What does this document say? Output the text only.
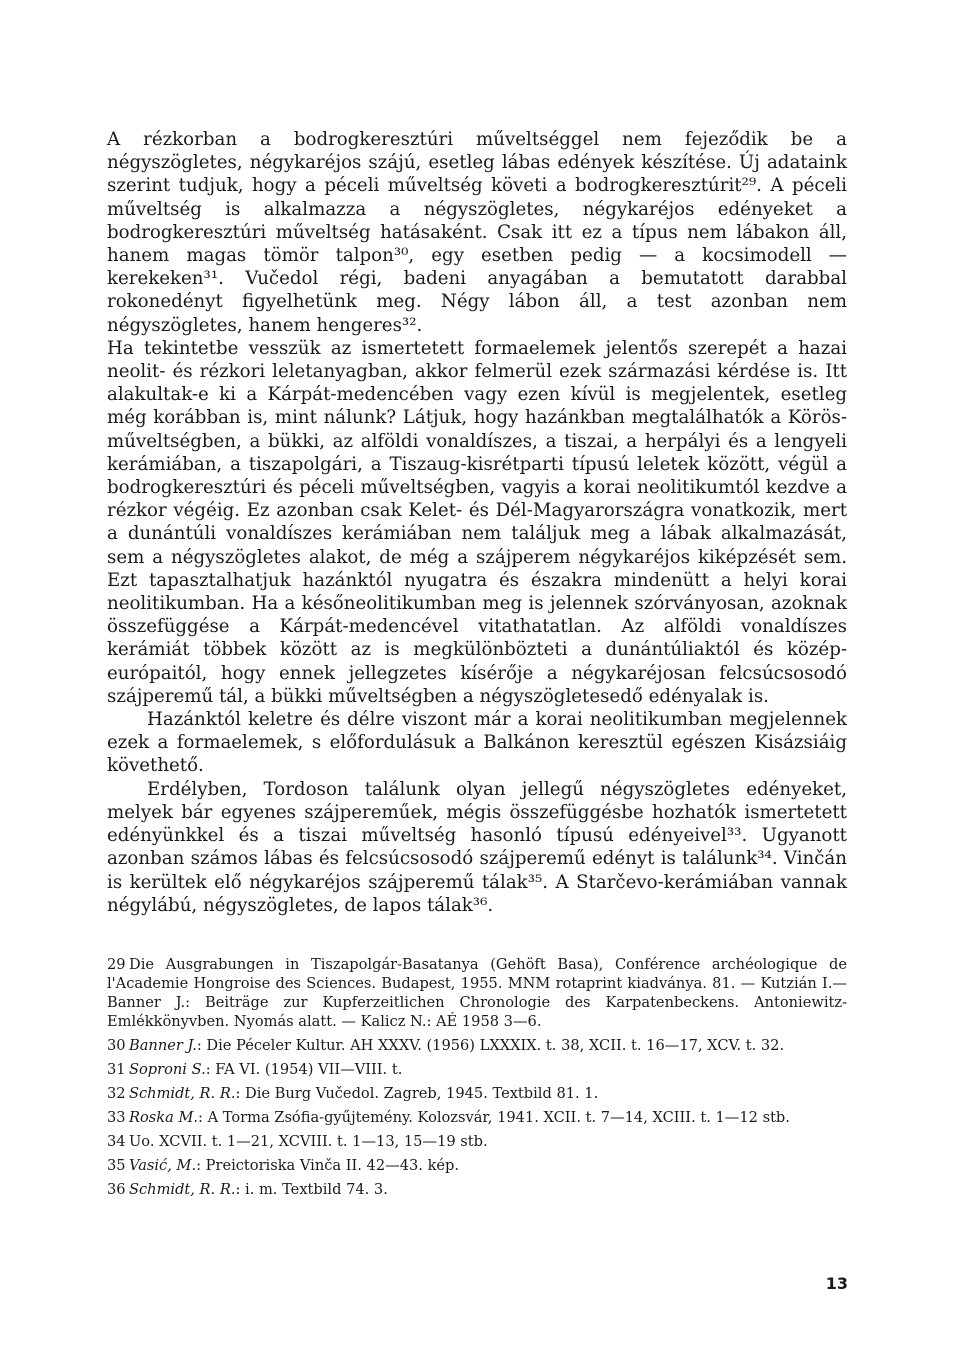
A rézkorban a bodrogkeresztúri műveltséggel nem fejeződik be a négyszögletes, négykaréjos szájú, esetleg lábas edények készítése. Új adataink szerint tudjuk, hogy a péceli műveltség követi a bodrogkeresztúrit²⁹. A péceli műveltség is alkalmazza a négyszögletes, négykaréjos edényeket a bodrogkeresztúri műveltség hatásaként. Csak itt ez a típus nem lábakon áll, hanem magas tömör talpon³⁰, egy esetben pedig — a kocsimodell — kerekeken³¹. Vučedol régi, badeni anyagában a bemutatott darabbal rokonedényt figyelhetünk meg. Négy lábon áll, a test azonban nem négyszögletes, hanem hengeres³².

Ha tekintetbe vesszük az ismertetett formaelemek jelentős szerepét a hazai neolit- és rézkori leletanyagban, akkor felmerül ezek származási kérdése is. Itt alakultak-e ki a Kárpát-medencében vagy ezen kívül is megjelentek, esetleg még korábban is, mint nálunk? Látjuk, hogy hazánkban megtalálhatók a Körös-műveltségben, a bükki, az alföldi vonaldíszes, a tiszai, a herpályi és a lengyeli kerámiában, a tiszapolgári, a Tiszaug-kisrétparti típusú leletek között, végül a bodrogkeresztúri és péceli műveltségben, vagyis a korai neolitikumtól kezdve a rézkor végéig. Ez azonban csak Kelet- és Dél-Magyarországra vonatkozik, mert a dunántúli vonaldíszes kerámiában nem találjuk meg a lábak alkalmazását, sem a négyszögletes alakot, de még a szájperem négykaréjos kiképzését sem. Ezt tapasztalhatjuk hazánktól nyugatra és északra mindenütt a helyi korai neolitikumban. Ha a későneolitikumban meg is jelennek szórványosan, azoknak összefüggése a Kárpát-medencével vitathatatlan. Az alföldi vonaldíszes kerámiát többek között az is megkülönbözteti a dunántúliaktól és közép-európaitól, hogy ennek jellegzetes kísérője a négykaréjosan felcsúcsosodó szájperemű tál, a bükki műveltségben a négyszögletesedő edényalak is.

Hazánktól keletre és délre viszont már a korai neolitikumban megjelennek ezek a formaelemek, s előfordulásuk a Balkánon keresztül egészen Kisázsiáig követhető.

Erdélyben, Tordoson találunk olyan jellegű négyszögletes edényeket, melyek bár egyenes szájpereműek, mégis összefüggésbe hozhatók ismertetett edényünkkel és a tiszai műveltség hasonló típusú edényeivel³³. Ugyanott azonban számos lábas és felcsúcsosodó szájperemű edényt is találunk³⁴. Vinčán is kerültek elő négykaréjos szájperemű tálak³⁵. A Starčevo-kerámiában vannak négylábú, négyszögletes, de lapos tálak³⁶.

29 Die Ausgrabungen in Tiszapolgár-Basatanya (Gehöft Basa), Conférence archéologique de l'Academie Hongroise des Sciences. Budapest, 1955. MNM rotaprint kiadványa. 81. — Kutzián I.—Banner J.: Beiträge zur Kupferzeitlichen Chronologie des Karpatenbeckens. Antoniewitz-Emlékkönyvben. Nyomás alatt. — Kalicz N.: AÉ 1958 3—6.

30 Banner J.: Die Péceler Kultur. AH XXXV. (1956) LXXXIX. t. 38, XCII. t. 16—17, XCV. t. 32.

31 Soproni S.: FA VI. (1954) VII—VIII. t.

32 Schmidt, R. R.: Die Burg Vučedol. Zagreb, 1945. Textbild 81. 1.

33 Roska M.: A Torma Zsófia-gyűjtemény. Kolozsvár, 1941. XCII. t. 7—14, XCIII. t. 1—12 stb.

34 Uo. XCVII. t. 1—21, XCVIII. t. 1—13, 15—19 stb.

35 Vasić, M.: Preictoriska Vinča II. 42—43. kép.

36 Schmidt, R. R.: i. m. Textbild 74. 3.

13
